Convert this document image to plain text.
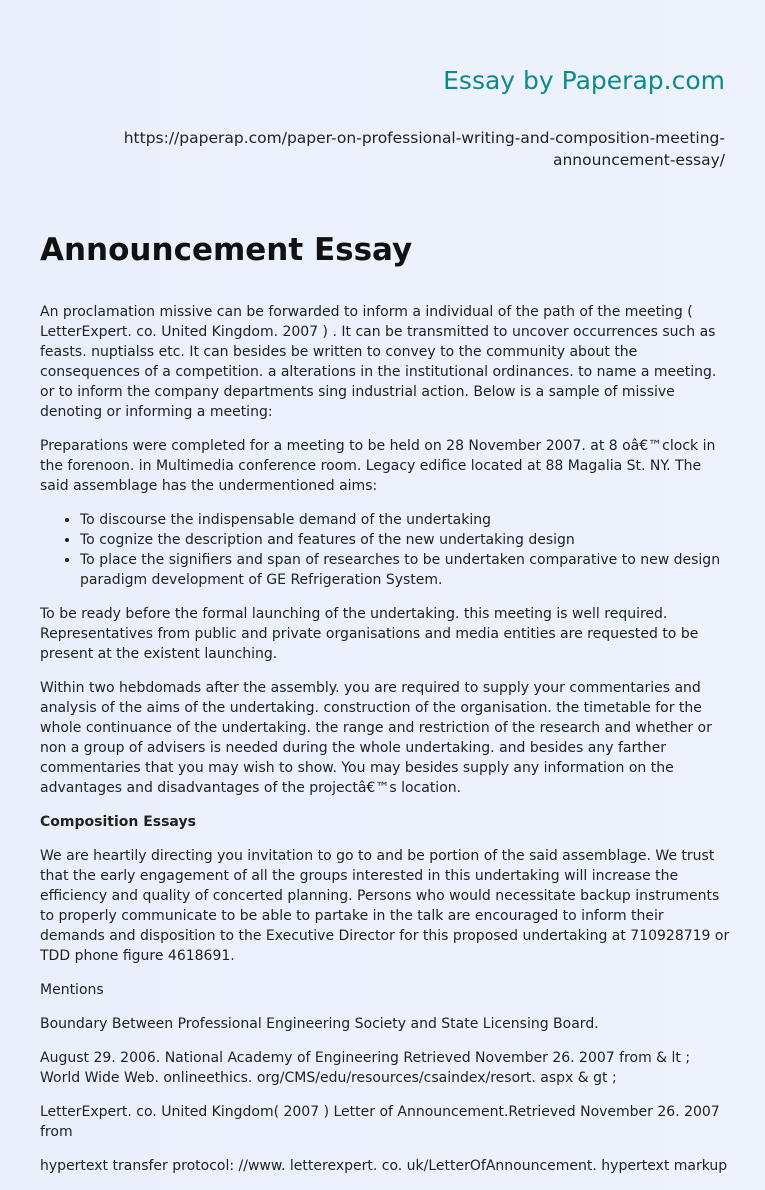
Essay by Paperap.com
https://paperap.com/paper-on-professional-writing-and-composition-meeting-
announcement-essay/
Announcement Essay

An proclamation missive can be forwarded to inform a individual of the path of the meeting ( LetterExpert. co. United Kingdom. 2007 ) . It can be transmitted to uncover occurrences such as feasts. nuptialss etc. It can besides be written to convey to the community about the consequences of a competition. a alterations in the institutional ordinances. to name a meeting. or to inform the company departments sing industrial action. Below is a sample of missive denoting or informing a meeting:

Preparations were completed for a meeting to be held on 28 November 2007. at 8 oâ€™clock in the forenoon. in Multimedia conference room. Legacy edifice located at 88 Magalia St. NY. The said assemblage has the undermentioned aims:

• To discourse the indispensable demand of the undertaking
• To cognize the description and features of the new undertaking design
• To place the signifiers and span of researches to be undertaken comparative to new design paradigm development of GE Refrigeration System.

To be ready before the formal launching of the undertaking. this meeting is well required. Representatives from public and private organisations and media entities are requested to be present at the existent launching.

Within two hebdomads after the assembly. you are required to supply your commentaries and analysis of the aims of the undertaking. construction of the organisation. the timetable for the whole continuance of the undertaking. the range and restriction of the research and whether or non a group of advisers is needed during the whole undertaking. and besides any farther commentaries that you may wish to show. You may besides supply any information on the advantages and disadvantages of the projectâ€™s location.

Composition Essays

We are heartily directing you invitation to go to and be portion of the said assemblage. We trust that the early engagement of all the groups interested in this undertaking will increase the efficiency and quality of concerted planning. Persons who would necessitate backup instruments to properly communicate to be able to partake in the talk are encouraged to inform their demands and disposition to the Executive Director for this proposed undertaking at 710928719 or TDD phone figure 4618691.

Mentions

Boundary Between Professional Engineering Society and State Licensing Board.

August 29. 2006. National Academy of Engineering Retrieved November 26. 2007 from & lt ; World Wide Web. onlineethics. org/CMS/edu/resources/csaindex/resort. aspx & gt ;

LetterExpert. co. United Kingdom( 2007 ) Letter of Announcement.Retrieved November 26. 2007 from

hypertext transfer protocol: //www. letterexpert. co. uk/LetterOfAnnouncement. hypertext markup
